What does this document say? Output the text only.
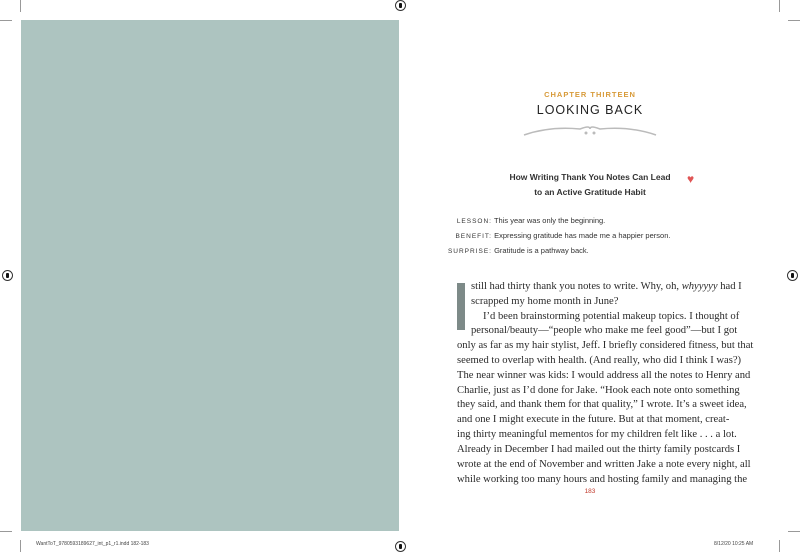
CHAPTER THIRTEEN
LOOKING BACK
How Writing Thank You Notes Can Lead
to an Active Gratitude Habit
♥
LESSON: This year was only the beginning.
BENEFIT: Expressing gratitude has made me a happier person.
SURPRISE: Gratitude is a pathway back.
still had thirty thank you notes to write. Why, oh, whyyyyy had I
scrapped my home month in June?
I’d been brainstorming potential makeup topics. I thought of
personal/beauty—“people who make me feel good”—but I got
only as far as my hair stylist, Jeff. I briefly considered fitness, but that
seemed to overlap with health. (And really, who did I think I was?)
The near winner was kids: I would address all the notes to Henry and
Charlie, just as I’d done for Jake. “Hook each note onto something
they said, and thank them for that quality,” I wrote. It’s a sweet idea,
and one I might execute in the future. But at that moment, creat-
ing thirty meaningful mementos for my children felt like . . . a lot.
Already in December I had mailed out the thirty family postcards I
wrote at the end of November and written Jake a note every night, all
while working too many hours and hosting family and managing the
183
WantToT_9780593189627_int_p1_r1.indd 182-183	8/12/20 10:25 AM
